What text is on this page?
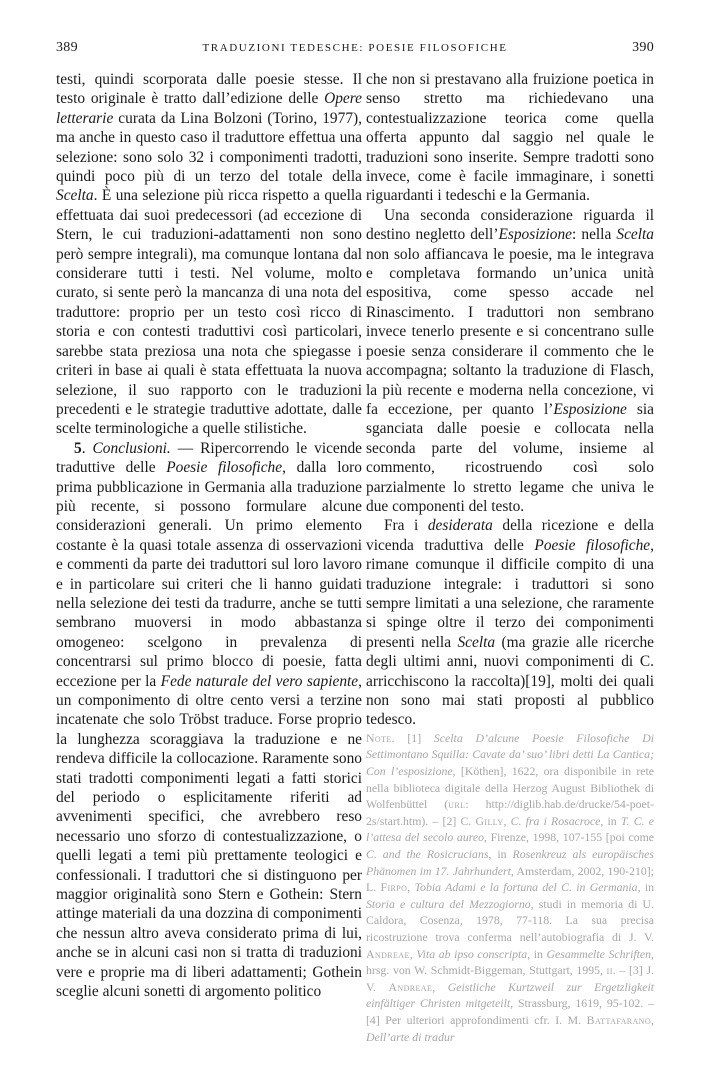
389	TRADUZIONI TEDESCHE: POESIE FILOSOFICHE	390

testi, quindi scorporata dalle poesie stesse. Il testo originale è tratto dall’edizione delle Opere letterarie curata da Lina Bolzoni (Torino, 1977), ma anche in questo caso il traduttore effettua una selezione: sono solo 32 i componimenti tradotti, quindi poco più di un terzo del totale della Scelta. È una selezione più ricca rispetto a quella effettuata dai suoi predecessori (ad eccezione di Stern, le cui traduzioni-adattamenti non sono però sempre integrali), ma comunque lontana dal considerare tutti i testi. Nel volume, molto curato, si sente però la mancanza di una nota del traduttore: proprio per un testo così ricco di storia e con contesti traduttivi così particolari, sarebbe stata preziosa una nota che spiegasse i criteri in base ai quali è stata effettuata la nuova selezione, il suo rapporto con le traduzioni precedenti e le strategie traduttive adottate, dalle scelte terminologiche a quelle stilistiche.

5. Conclusioni. — Ripercorrendo le vicende traduttive delle Poesie filosofiche, dalla loro prima pubblicazione in Germania alla traduzione più recente, si possono formulare alcune considerazioni generali. Un primo elemento costante è la quasi totale assenza di osservazioni e commenti da parte dei traduttori sul loro lavoro e in particolare sui criteri che li hanno guidati nella selezione dei testi da tradurre, anche se tutti sembrano muoversi in modo abbastanza omogeneo: scelgono in prevalenza di concentrarsi sul primo blocco di poesie, fatta eccezione per la Fede naturale del vero sapiente, un componimento di oltre cento versi a terzine incatenate che solo Tröbst traduce. Forse proprio la lunghezza scoraggiava la traduzione e ne rendeva difficile la collocazione. Raramente sono stati tradotti componimenti legati a fatti storici del periodo o esplicitamente riferiti ad avvenimenti specifici, che avrebbero reso necessario uno sforzo di contestualizzazione, o quelli legati a temi più prettamente teologici e confessionali. I traduttori che si distinguono per maggior originalità sono Stern e Gothein: Stern attinge materiali da una dozzina di componimenti che nessun altro aveva considerato prima di lui, anche se in alcuni casi non si tratta di traduzioni vere e proprie ma di liberi adattamenti; Gothein sceglie alcuni sonetti di argomento politico

che non si prestavano alla fruizione poetica in senso stretto ma richiedevano una contestualizzazione teorica come quella offerta appunto dal saggio nel quale le traduzioni sono inserite. Sempre tradotti sono invece, come è facile immaginare, i sonetti riguardanti i tedeschi e la Germania.

Una seconda considerazione riguarda il destino negletto dell’Esposizione: nella Scelta non solo affiancava le poesie, ma le integrava e completava formando un’unica unità espositiva, come spesso accade nel Rinascimento. I traduttori non sembrano invece tenerlo presente e si concentrano sulle poesie senza considerare il commento che le accompagna; soltanto la traduzione di Flasch, la più recente e moderna nella concezione, vi fa eccezione, per quanto l’Esposizione sia sganciata dalle poesie e collocata nella seconda parte del volume, insieme al commento, ricostruendo così solo parzialmente lo stretto legame che univa le due componenti del testo.

Fra i desiderata della ricezione e della vicenda traduttiva delle Poesie filosofiche, rimane comunque il difficile compito di una traduzione integrale: i traduttori si sono sempre limitati a una selezione, che raramente si spinge oltre il terzo dei componimenti presenti nella Scelta (ma grazie alle ricerche degli ultimi anni, nuovi componimenti di C. arricchiscono la raccolta)[19], molti dei quali non sono mai stati proposti al pubblico tedesco.

Note. [1] Scelta D’alcune Poesie Filosofiche Di Settimontano Squilla: Cavate da’ suo’ libri detti La Cantica; Con l’esposizione, [Köthen], 1622, ora disponibile in rete nella biblioteca digitale della Herzog August Bibliothek di Wolfenbüttel (url: http://diglib.hab.de/drucke/54-poet-2s/start.htm). – [2] C. Gilly, C. fra i Rosacroce, in T. C. e l’attesa del secolo aureo, Firenze, 1998, 107-155 [poi come C. and the Rosicrucians, in Rosenkreuz als europäisches Phänomen im 17. Jahrhundert, Amsterdam, 2002, 190-210]; L. Firpo, Tobia Adami e la fortuna del C. in Germania, in Storia e cultura del Mezzogiorno, studi in memoria di U. Caldora, Cosenza, 1978, 77-118. La sua precisa ricostruzione trova conferma nell’autobiografia di J. V. Andreae, Vita ab ipso conscripta, in Gesammelte Schriften, hrsg. von W. Schmidt-Biggeman, Stuttgart, 1995, ii. – [3] J. V. Andreae, Geistliche Kurtzweil zur Ergetzligkeit einfältiger Christen mitgeteilt, Strassburg, 1619, 95-102. – [4] Per ulteriori approfondimenti cfr. I. M. Battafarano, Dell’arte di tradur
